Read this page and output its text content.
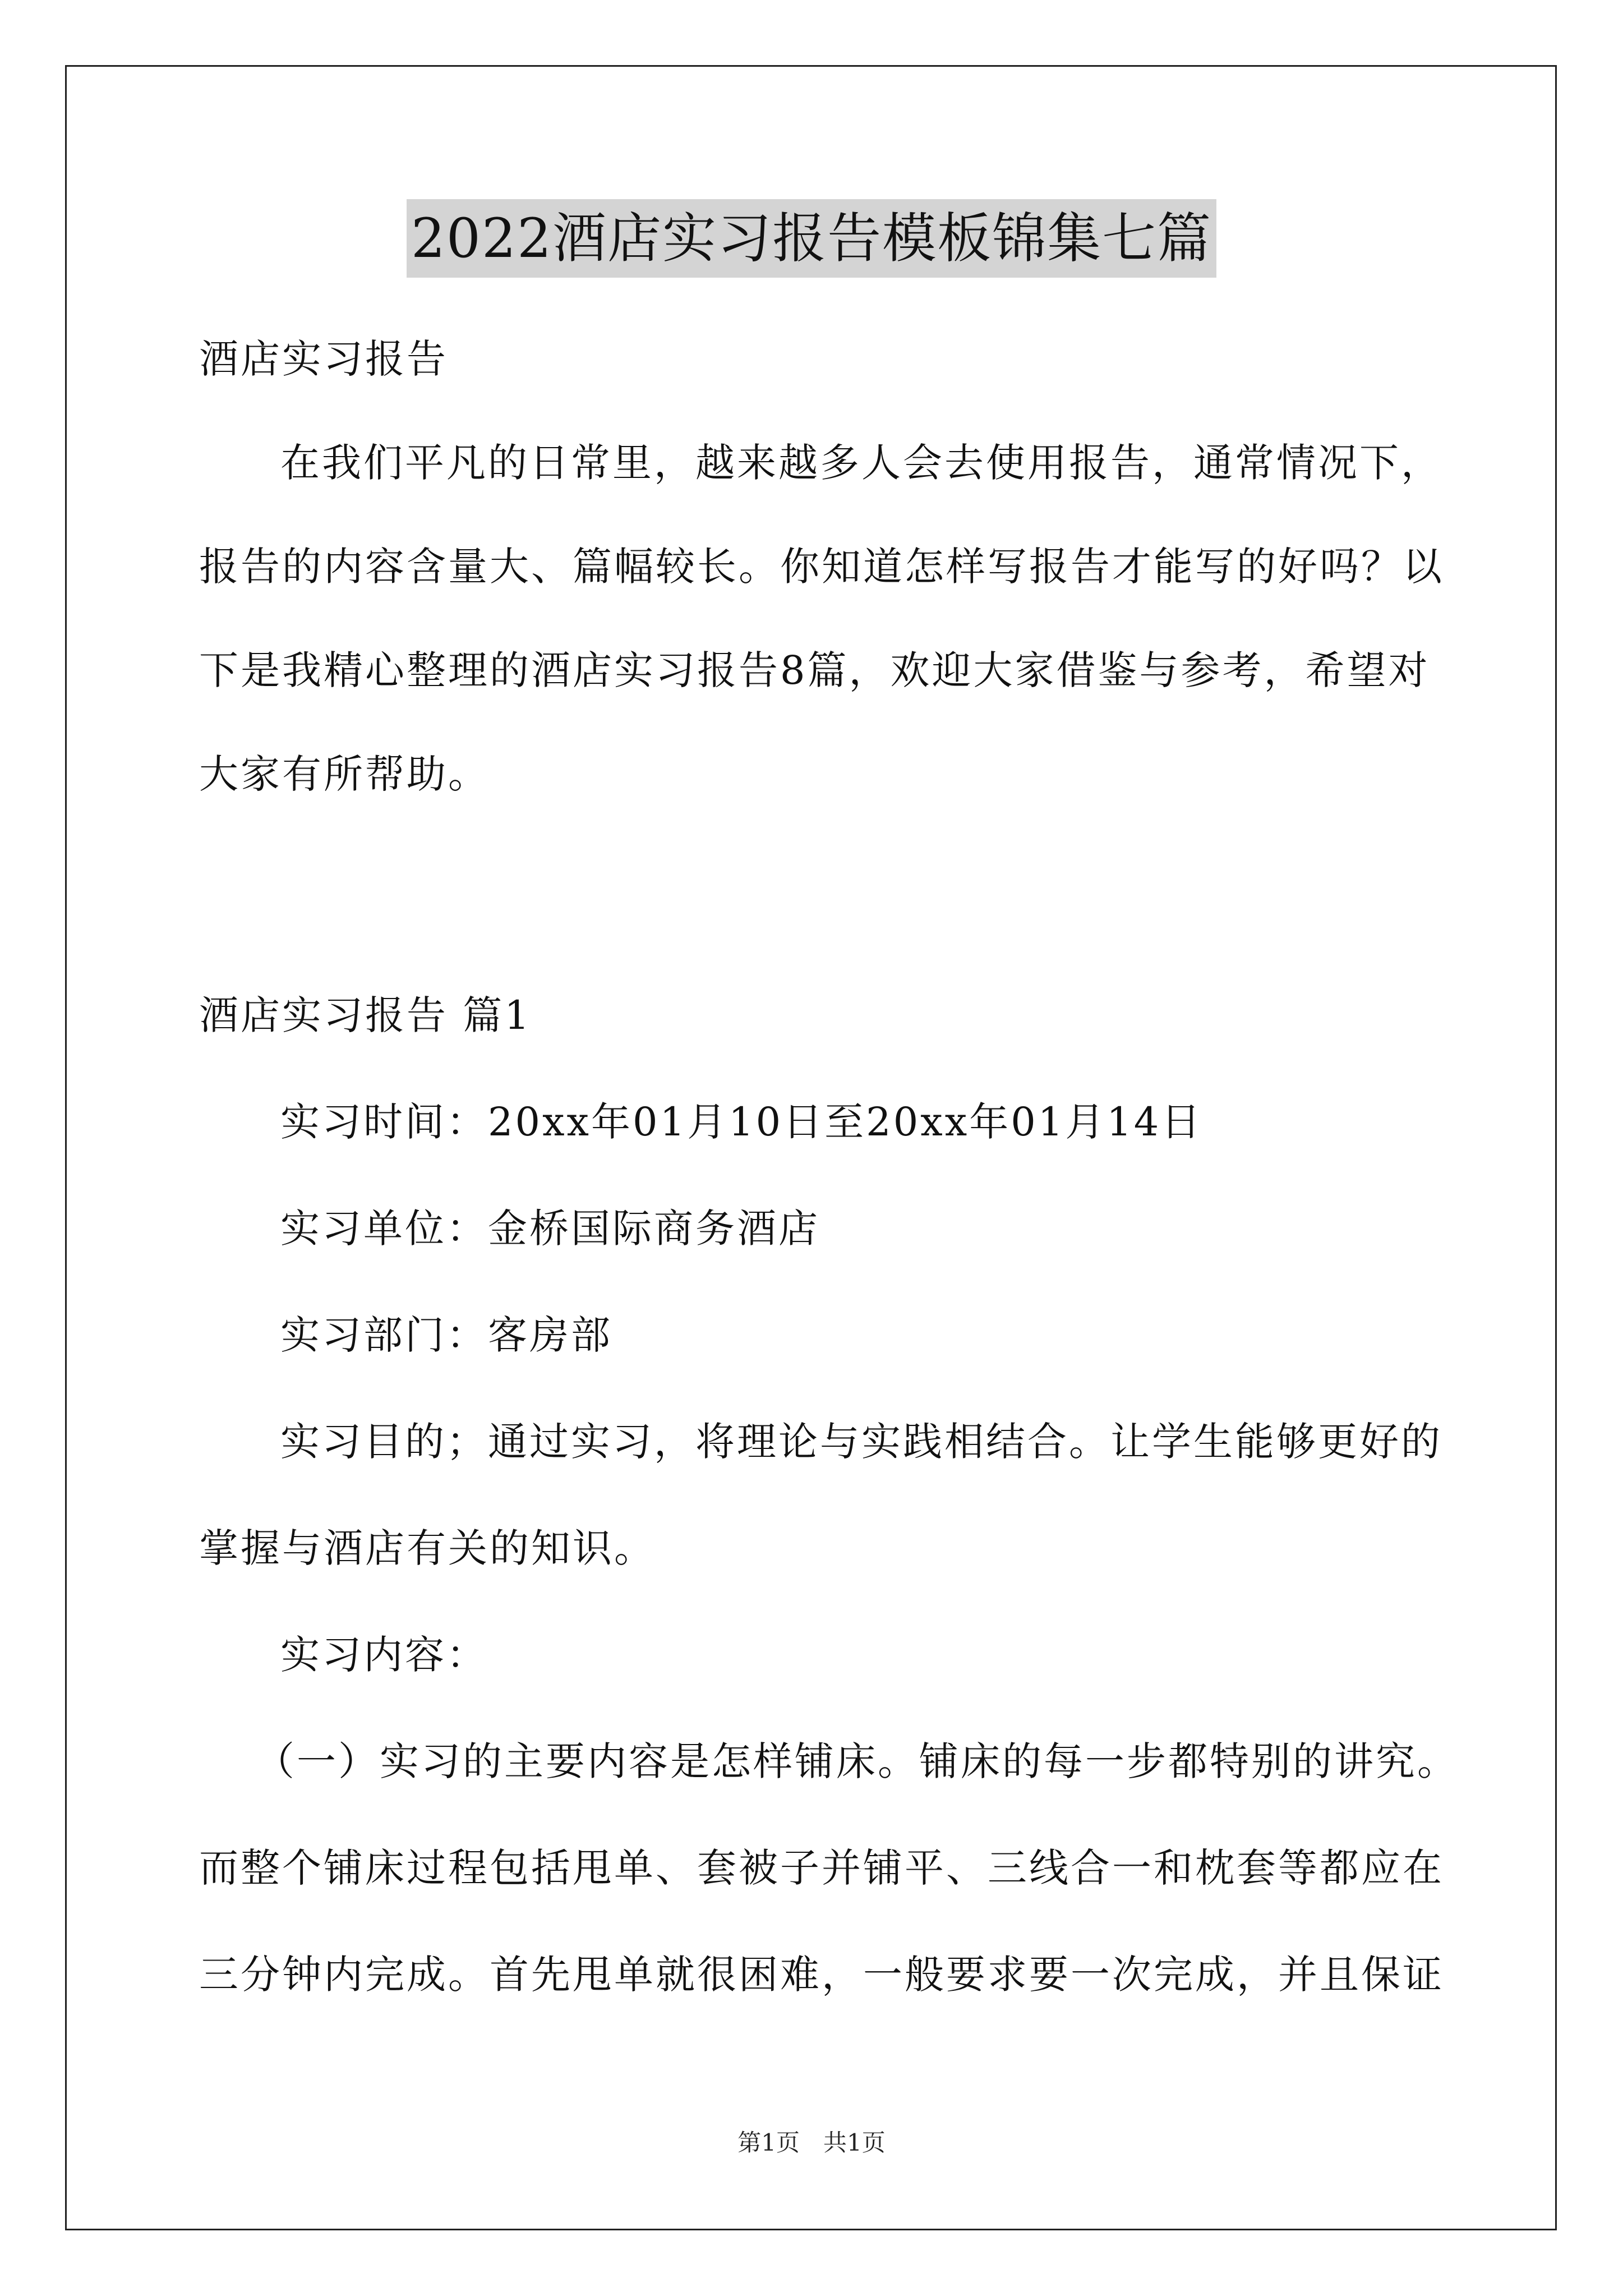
2022酒店实习报告模板锦集七篇
酒店实习报告
在我们平凡的日常里，越来越多人会去使用报告，通常情况下，
报告的内容含量大、篇幅较长。你知道怎样写报告才能写的好吗？以
下是我精心整理的酒店实习报告8篇，欢迎大家借鉴与参考，希望对
大家有所帮助。
酒店实习报告 篇1
实习时间：20xx年01月10日至20xx年01月14日
实习单位：金桥国际商务酒店
实习部门：客房部
实习目的；通过实习，将理论与实践相结合。让学生能够更好的
掌握与酒店有关的知识。
实习内容：
（一）实习的主要内容是怎样铺床。铺床的每一步都特别的讲究。
而整个铺床过程包括甩单、套被子并铺平、三线合一和枕套等都应在
三分钟内完成。首先甩单就很困难，一般要求要一次完成，并且保证
第1页　共1页
